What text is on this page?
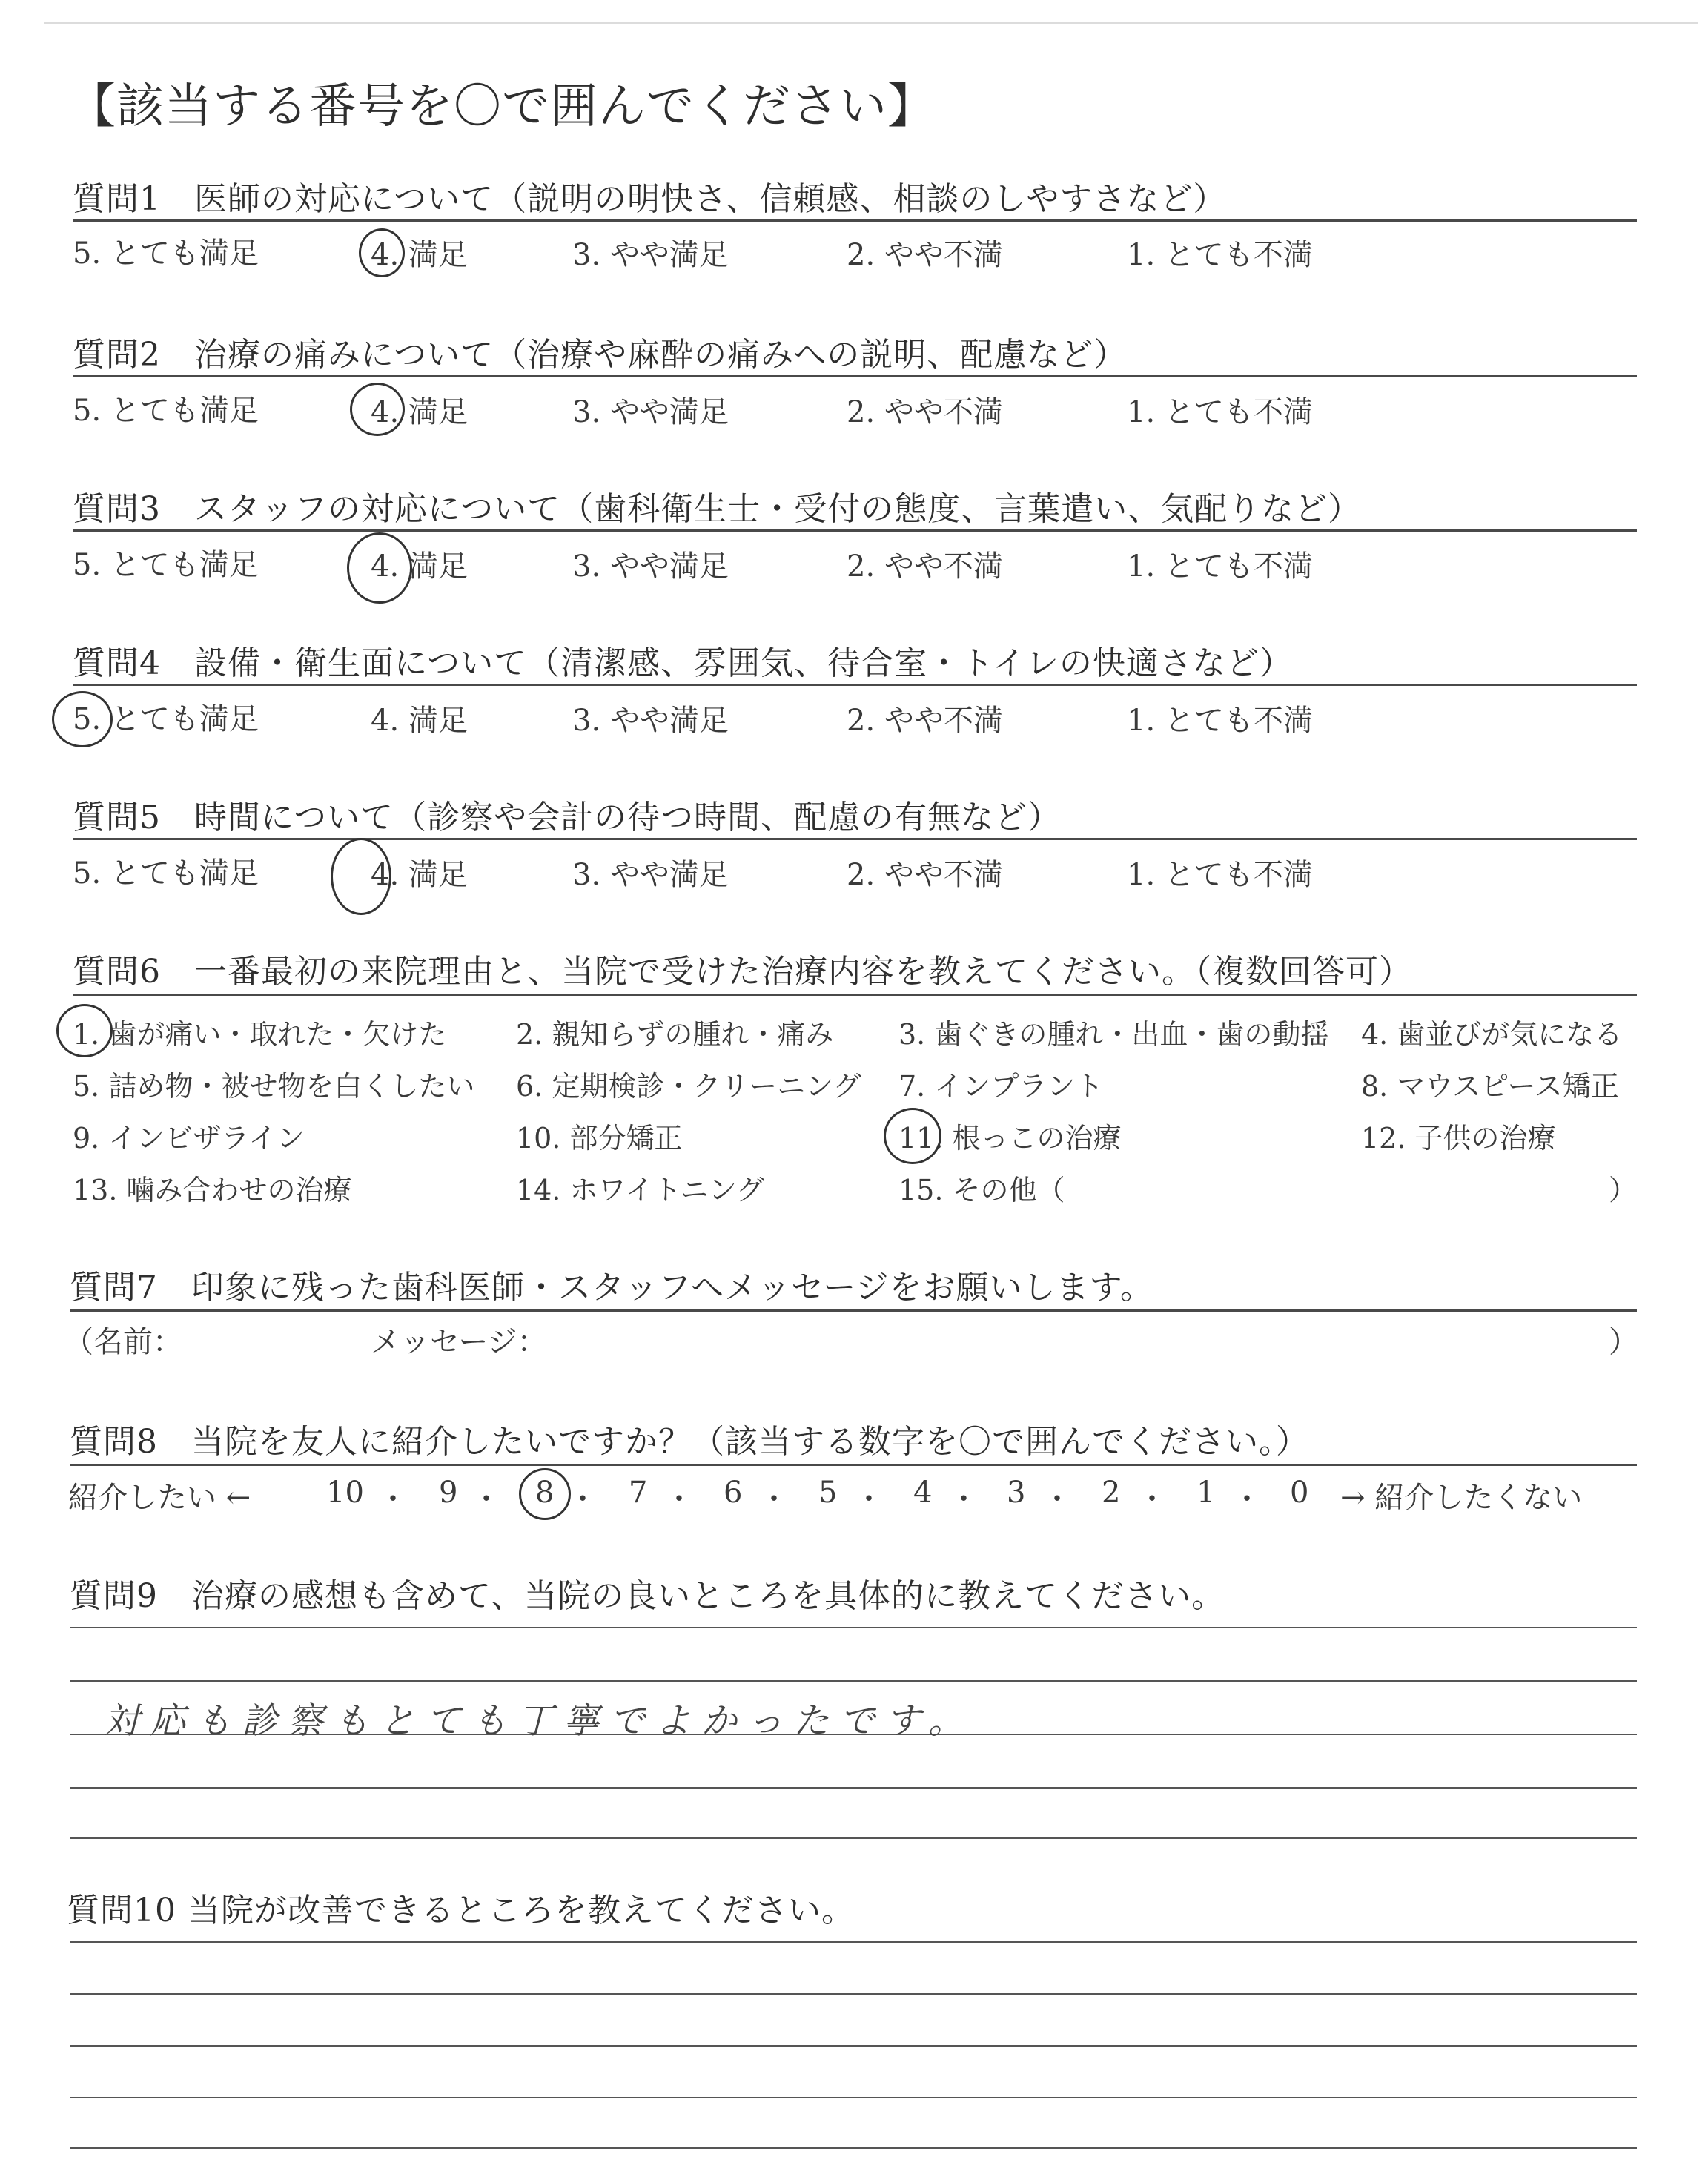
【該当する番号を〇で囲んでください】
質問1　医師の対応について（説明の明快さ、信頼感、相談のしやすさなど）
5. とても満足	4. 満足	3. やや満足	2. やや不満	1. とても不満
質問2　治療の痛みについて（治療や麻酔の痛みへの説明、配慮など）
5. とても満足	4. 満足	3. やや満足	2. やや不満	1. とても不満
質問3　スタッフの対応について（歯科衛生士・受付の態度、言葉遣い、気配りなど）
5. とても満足	4. 満足	3. やや満足	2. やや不満	1. とても不満
質問4　設備・衛生面について（清潔感、雰囲気、待合室・トイレの快適さなど）
5. とても満足	4. 満足	3. やや満足	2. やや不満	1. とても不満
質問5　時間について（診察や会計の待つ時間、配慮の有無など）
5. とても満足	4. 満足	3. やや満足	2. やや不満	1. とても不満
質問6　一番最初の来院理由と、当院で受けた治療内容を教えてください。（複数回答可）
1. 歯が痛い・取れた・欠けた 2. 親知らずの腫れ・痛み 3. 歯ぐきの腫れ・出血・歯の動揺 4. 歯並びが気になる
5. 詰め物・被せ物を白くしたい 6. 定期検診・クリーニング 7. インプラント	8. マウスピース矯正
9. インビザライン	10. 部分矯正	11. 根っこの治療	12. 子供の治療
13. 噛み合わせの治療	14. ホワイトニング	15. その他（	）
質問7　印象に残った歯科医師・スタッフへメッセージをお願いします。
（名前：	メッセージ：	）
質問8　当院を友人に紹介したいですか？（該当する数字を〇で囲んでください。）
紹介したい ←	10 ・ 9 ・ 8 ・ 7 ・ 6 ・ 5 ・ 4 ・ 3 ・ 2 ・ 1 ・ 0 → 紹介したくない
質問9　治療の感想も含めて、当院の良いところを具体的に教えてください。
対応も診察もとても丁寧でよかったです。
質問10 当院が改善できるところを教えてください。
